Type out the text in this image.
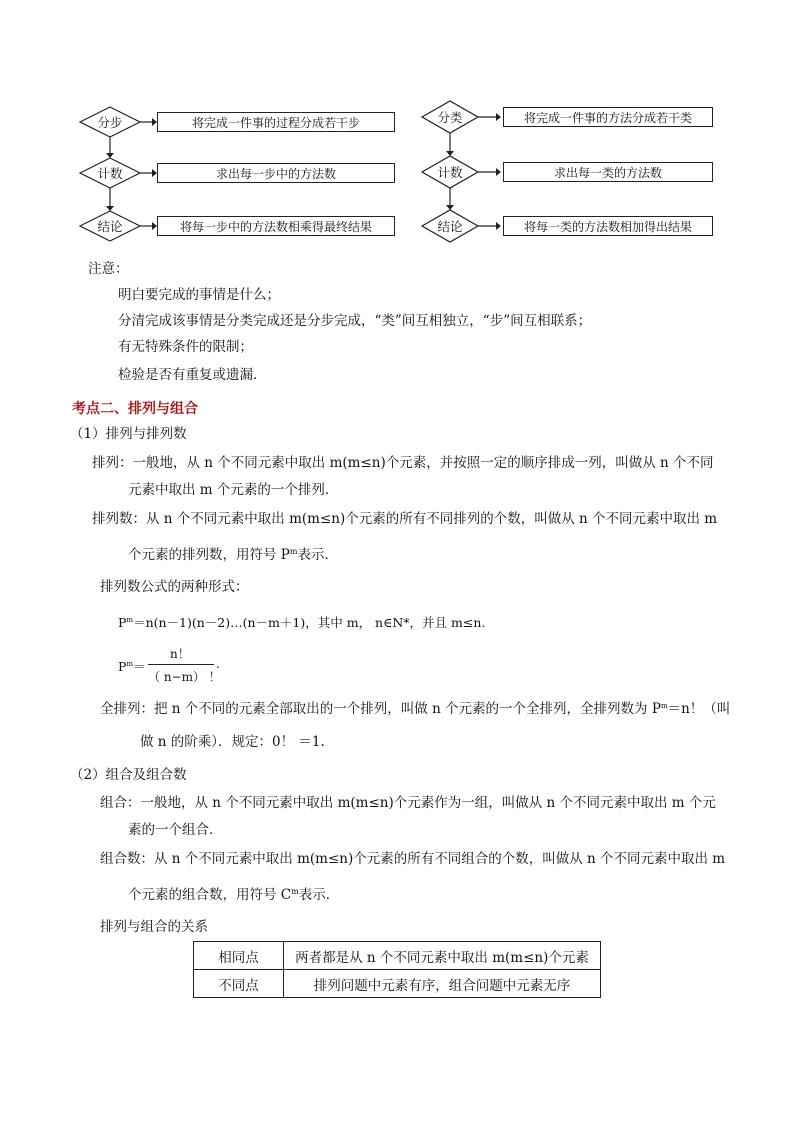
分步
计数
结论
将完成一件事的过程分成若干步
求出每一步中的方法数
将每一步中的方法数相乘得最终结果
分类
计数
结论
将完成一件事的方法分成若干类
求出每一类的方法数
将每一类的方法数相加得出结果
注意：
明白要完成的事情是什么；
分清完成该事情是分类完成还是分步完成，“类”间互相独立，“步”间互相联系；
有无特殊条件的限制；
检验是否有重复或遗漏．
考点二、排列与组合
（1）排列与排列数
排列：一般地，从 n 个不同元素中取出 m(m≤n)个元素，并按照一定的顺序排成一列，叫做从 n 个不同
元素中取出 m 个元素的一个排列．
排列数：从 n 个不同元素中取出 m(m≤n)个元素的所有不同排列的个数，叫做从 n 个不同元素中取出 m
个元素的排列数，用符号 $P^m$表示．
排列数公式的两种形式：
$P^m=n(n-1)(n-2)\dots(n-m+1)$，其中 m， n∈N*，并且 m≤n.
$P^m=$
n！
（ n−m） ！
.
全排列：把 n 个不同的元素全部取出的一个排列，叫做 n 个元素的一个全排列，全排列数为 $P^m=n$！（叫
做 n 的阶乘）．规定：0！ ＝1.
（2）组合及组合数
组合：一般地，从 n 个不同元素中取出 m(m≤n)个元素作为一组，叫做从 n 个不同元素中取出 m 个元
素的一个组合．
组合数：从 n 个不同元素中取出 m(m≤n)个元素的所有不同组合的个数，叫做从 n 个不同元素中取出 m
个元素的组合数，用符号 $C^m$表示．
排列与组合的关系
相同点	两者都是从 n 个不同元素中取出 m(m≤n)个元素
不同点	排列问题中元素有序，组合问题中元素无序
